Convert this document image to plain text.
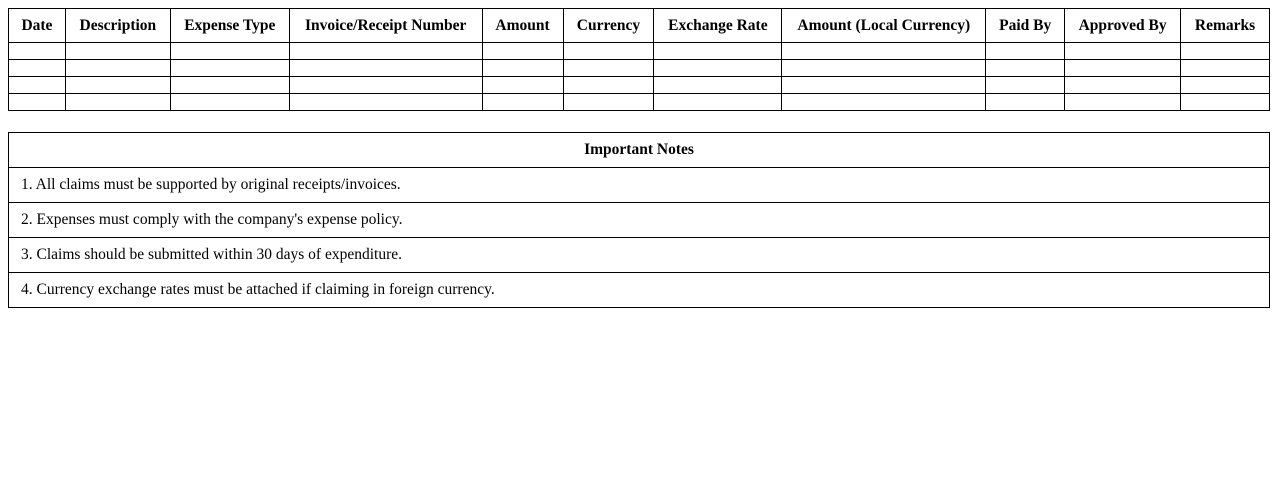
Date	Description	Expense Type	Invoice/Receipt Number	Amount	Currency	Exchange Rate	Amount (Local Currency)	Paid By	Approved By	Remarks

Important Notes
1. All claims must be supported by original receipts/invoices.
2. Expenses must comply with the company's expense policy.
3. Claims should be submitted within 30 days of expenditure.
4. Currency exchange rates must be attached if claiming in foreign currency.
